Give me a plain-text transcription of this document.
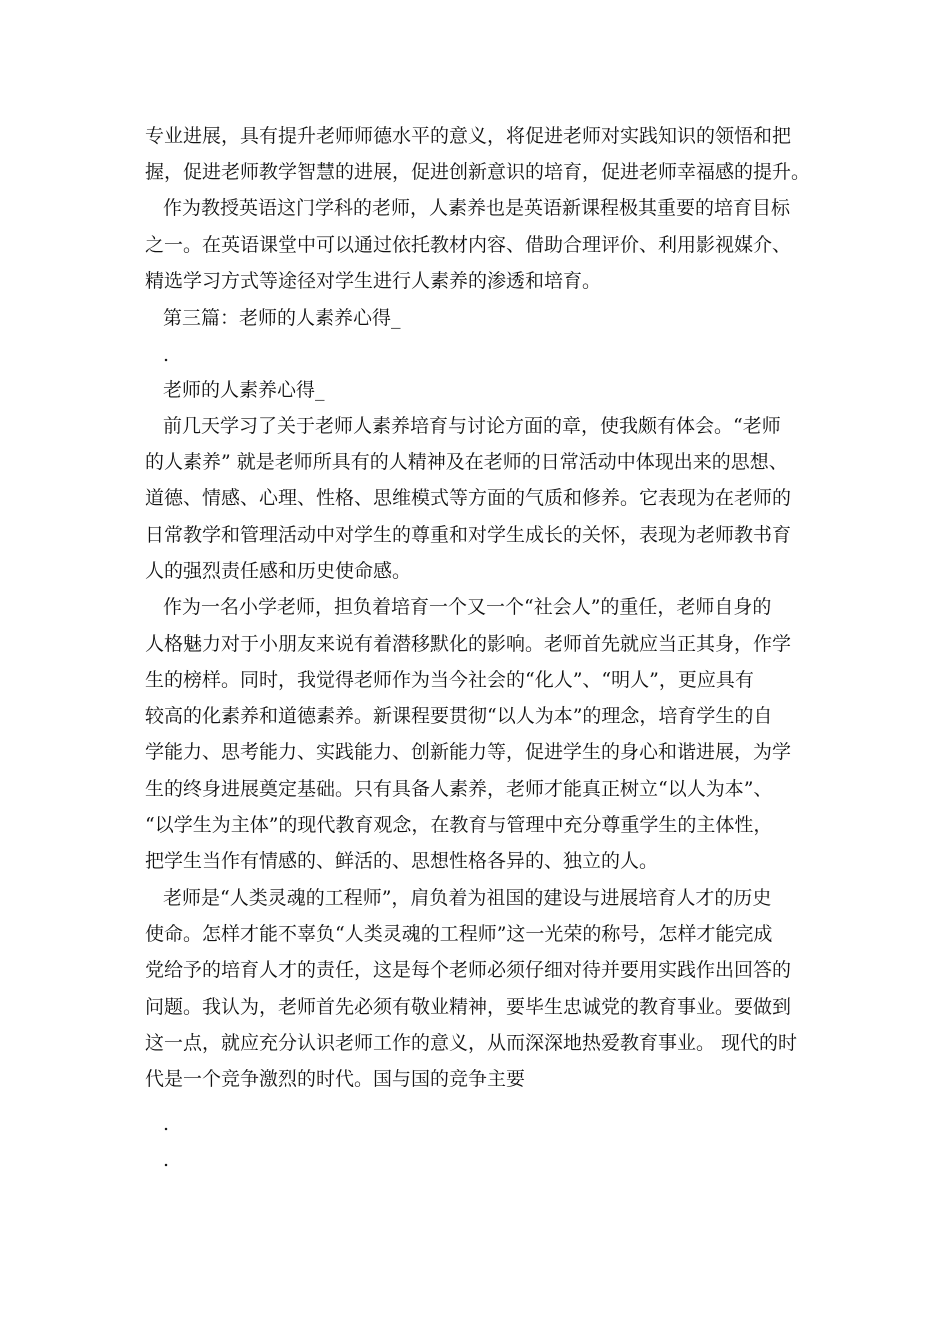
专业进展，具有提升老师师德水平的意义，将促进老师对实践知识的领悟和把
握，促进老师教学智慧的进展，促进创新意识的培育，促进老师幸福感的提升。
作为教授英语这门学科的老师，人素养也是英语新课程极其重要的培育目标
之一。在英语课堂中可以通过依托教材内容、借助合理评价、利用影视媒介、
精选学习方式等途径对学生进行人素养的渗透和培育。
第三篇：老师的人素养心得_
.
老师的人素养心得_
前几天学习了关于老师人素养培育与讨论方面的章，使我颇有体会。“老师
的人素养” 就是老师所具有的人精神及在老师的日常活动中体现出来的思想、
道德、情感、心理、性格、思维模式等方面的气质和修养。它表现为在老师的
日常教学和管理活动中对学生的尊重和对学生成长的关怀，表现为老师教书育
人的强烈责任感和历史使命感。
作为一名小学老师，担负着培育一个又一个“社会人”的重任，老师自身的
人格魅力对于小朋友来说有着潜移默化的影响。老师首先就应当正其身，作学
生的榜样。同时，我觉得老师作为当今社会的“化人”、“明人”，更应具有
较高的化素养和道德素养。新课程要贯彻“以人为本”的理念，培育学生的自
学能力、思考能力、实践能力、创新能力等，促进学生的身心和谐进展，为学
生的终身进展奠定基础。只有具备人素养，老师才能真正树立“以人为本”、
“以学生为主体”的现代教育观念，在教育与管理中充分尊重学生的主体性，
把学生当作有情感的、鲜活的、思想性格各异的、独立的人。
老师是“人类灵魂的工程师”，肩负着为祖国的建设与进展培育人才的历史
使命。怎样才能不辜负“人类灵魂的工程师”这一光荣的称号，怎样才能完成
党给予的培育人才的责任，这是每个老师必须仔细对待并要用实践作出回答的
问题。我认为，老师首先必须有敬业精神，要毕生忠诚党的教育事业。要做到
这一点，就应充分认识老师工作的意义，从而深深地热爱教育事业。 现代的时
代是一个竞争激烈的时代。国与国的竞争主要
.
.
